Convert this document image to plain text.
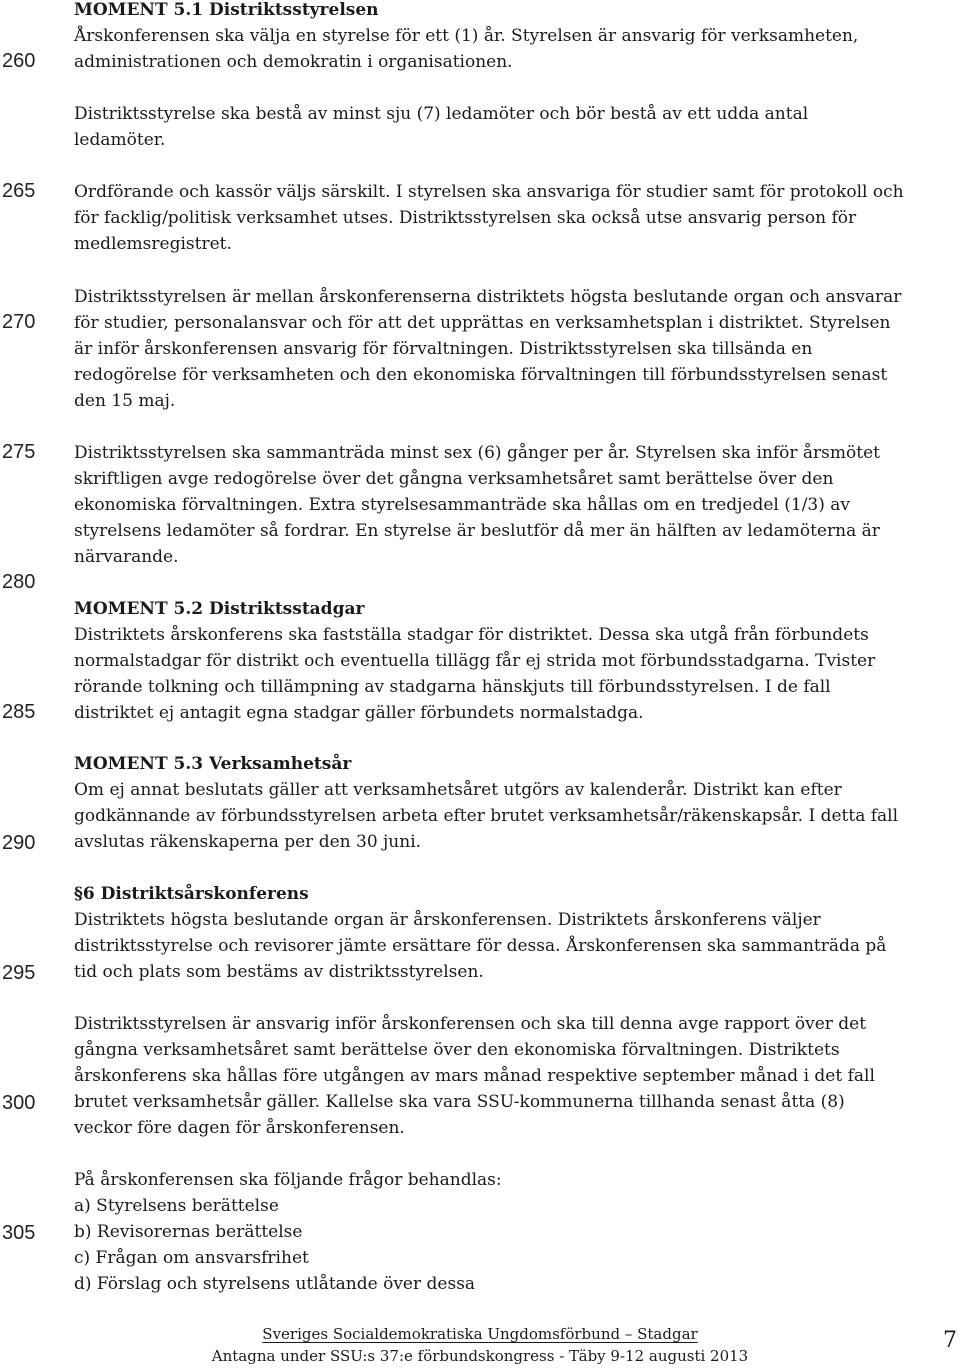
260
265
270
275
280
285
290
295
300
305
MOMENT 5.1 Distriktsstyrelsen
Årskonferensen ska välja en styrelse för ett (1) år. Styrelsen är ansvarig för verksamheten,
administrationen och demokratin i organisationen.
Distriktsstyrelse ska bestå av minst sju (7) ledamöter och bör bestå av ett udda antal
ledamöter.
Ordförande och kassör väljs särskilt. I styrelsen ska ansvariga för studier samt för protokoll och
för facklig/politisk verksamhet utses. Distriktsstyrelsen ska också utse ansvarig person för
medlemsregistret.
Distriktsstyrelsen är mellan årskonferenserna distriktets högsta beslutande organ och ansvarar
för studier, personalansvar och för att det upprättas en verksamhetsplan i distriktet. Styrelsen
är inför årskonferensen ansvarig för förvaltningen. Distriktsstyrelsen ska tillsända en
redogörelse för verksamheten och den ekonomiska förvaltningen till förbundsstyrelsen senast
den 15 maj.
Distriktsstyrelsen ska sammanträda minst sex (6) gånger per år. Styrelsen ska inför årsmötet
skriftligen avge redogörelse över det gångna verksamhetsåret samt berättelse över den
ekonomiska förvaltningen. Extra styrelsesammanträde ska hållas om en tredjedel (1/3) av
styrelsens ledamöter så fordrar. En styrelse är beslutför då mer än hälften av ledamöterna är
närvarande.
MOMENT 5.2 Distriktsstadgar
Distriktets årskonferens ska fastställa stadgar för distriktet. Dessa ska utgå från förbundets
normalstadgar för distrikt och eventuella tillägg får ej strida mot förbundsstadgarna. Tvister
rörande tolkning och tillämpning av stadgarna hänskjuts till förbundsstyrelsen. I de fall
distriktet ej antagit egna stadgar gäller förbundets normalstadga.
MOMENT 5.3 Verksamhetsår
Om ej annat beslutats gäller att verksamhetsåret utgörs av kalenderår. Distrikt kan efter
godkännande av förbundsstyrelsen arbeta efter brutet verksamhetsår/räkenskapsår. I detta fall
avslutas räkenskaperna per den 30 juni.
§6 Distriktsårskonferens
Distriktets högsta beslutande organ är årskonferensen. Distriktets årskonferens väljer
distriktsstyrelse och revisorer jämte ersättare för dessa. Årskonferensen ska sammanträda på
tid och plats som bestäms av distriktsstyrelsen.
Distriktsstyrelsen är ansvarig inför årskonferensen och ska till denna avge rapport över det
gångna verksamhetsåret samt berättelse över den ekonomiska förvaltningen. Distriktets
årskonferens ska hållas före utgången av mars månad respektive september månad i det fall
brutet verksamhetsår gäller. Kallelse ska vara SSU-kommunerna tillhanda senast åtta (8)
veckor före dagen för årskonferensen.
På årskonferensen ska följande frågor behandlas:
a) Styrelsens berättelse
b) Revisorernas berättelse
c) Frågan om ansvarsfrihet
d) Förslag och styrelsens utlåtande över dessa
Sveriges Socialdemokratiska Ungdomsförbund – Stadgar
Antagna under SSU:s 37:e förbundskongress - Täby 9-12 augusti 2013
7
